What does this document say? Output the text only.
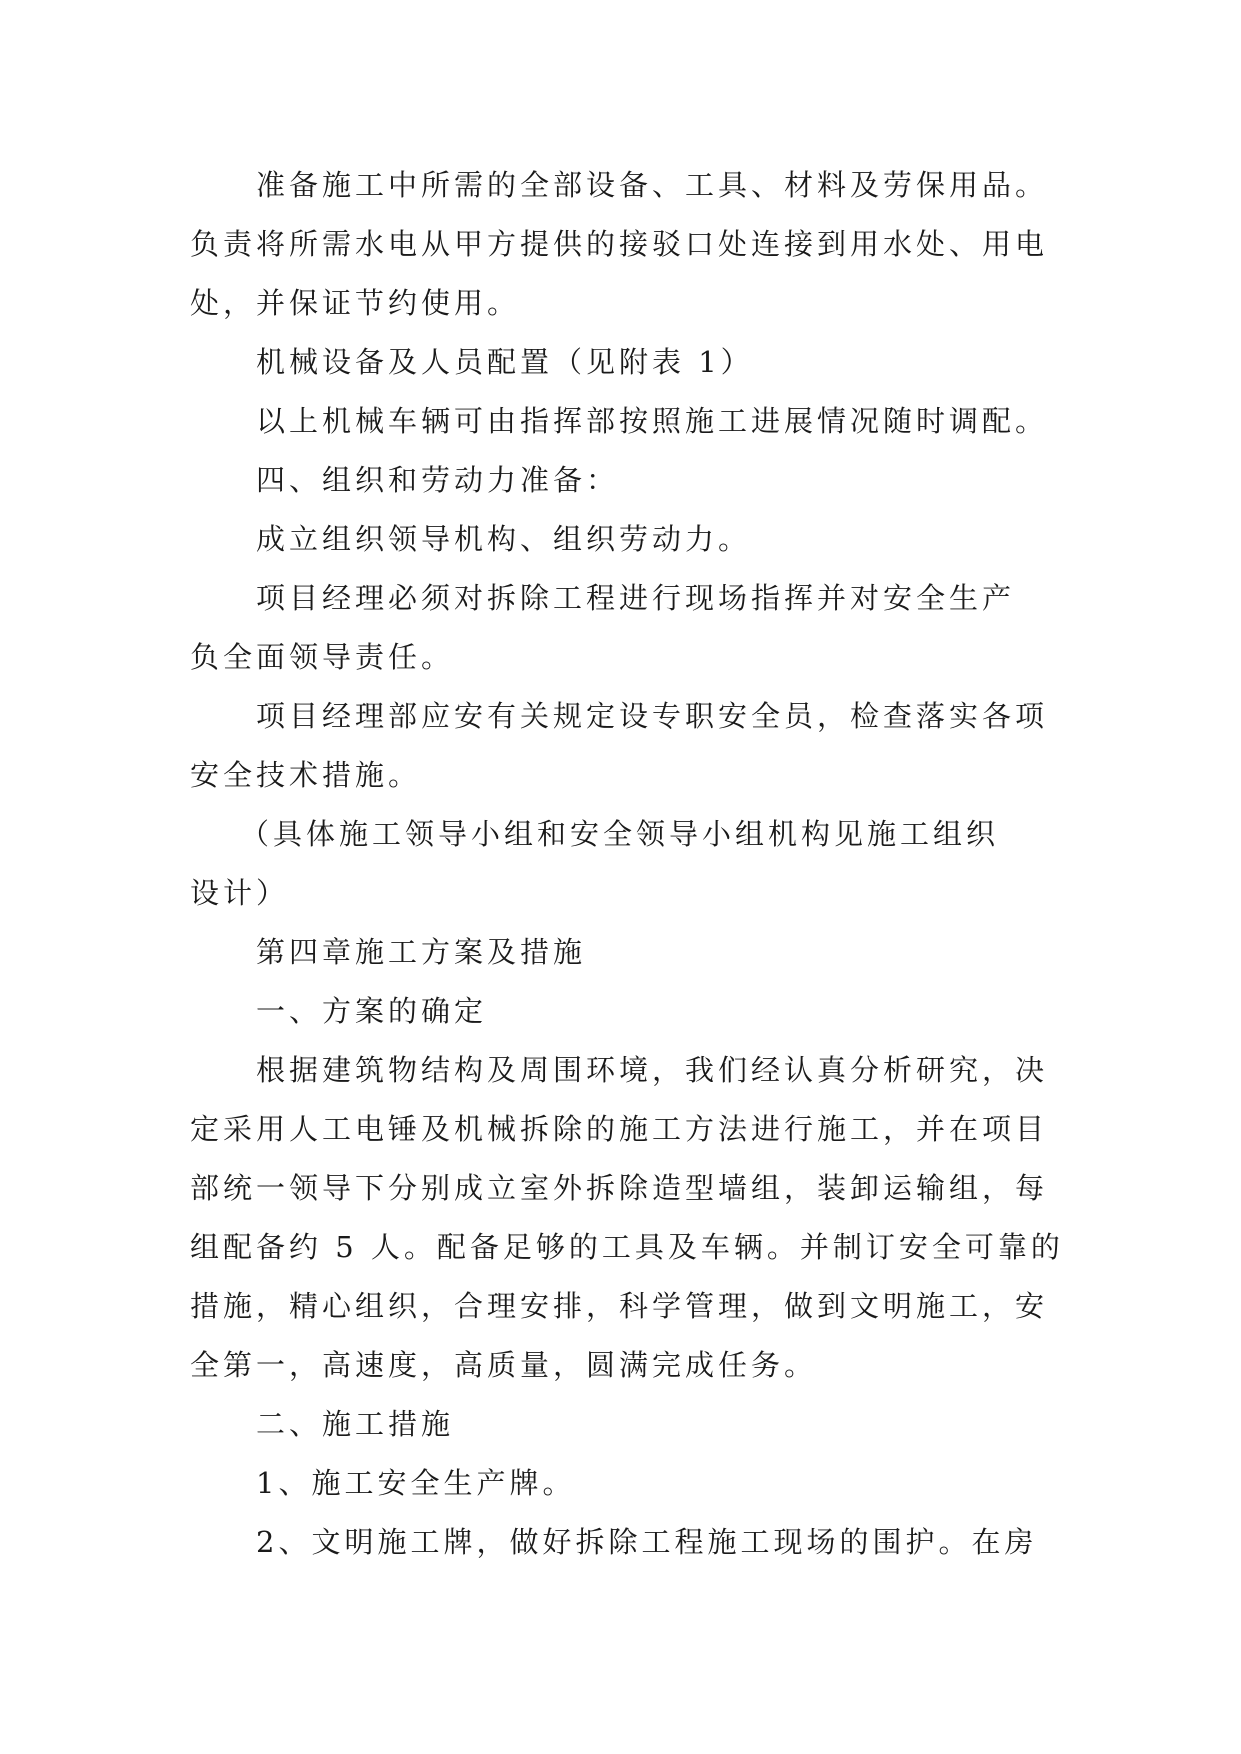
准备施工中所需的全部设备、工具、材料及劳保用品。

负责将所需水电从甲方提供的接驳口处连接到用水处、用电

处，并保证节约使用。

机械设备及人员配置（见附表 1）

以上机械车辆可由指挥部按照施工进展情况随时调配。

四、组织和劳动力准备：

成立组织领导机构、组织劳动力。

项目经理必须对拆除工程进行现场指挥并对安全生产

负全面领导责任。

项目经理部应安有关规定设专职安全员，检查落实各项

安全技术措施。

（具体施工领导小组和安全领导小组机构见施工组织

设计）

第四章施工方案及措施

一、方案的确定

根据建筑物结构及周围环境，我们经认真分析研究，决

定采用人工电锤及机械拆除的施工方法进行施工，并在项目

部统一领导下分别成立室外拆除造型墙组，装卸运输组，每

组配备约 5 人。配备足够的工具及车辆。并制订安全可靠的

措施，精心组织，合理安排，科学管理，做到文明施工，安

全第一，高速度，高质量，圆满完成任务。

二、施工措施

1、施工安全生产牌。

2、文明施工牌，做好拆除工程施工现场的围护。在房
